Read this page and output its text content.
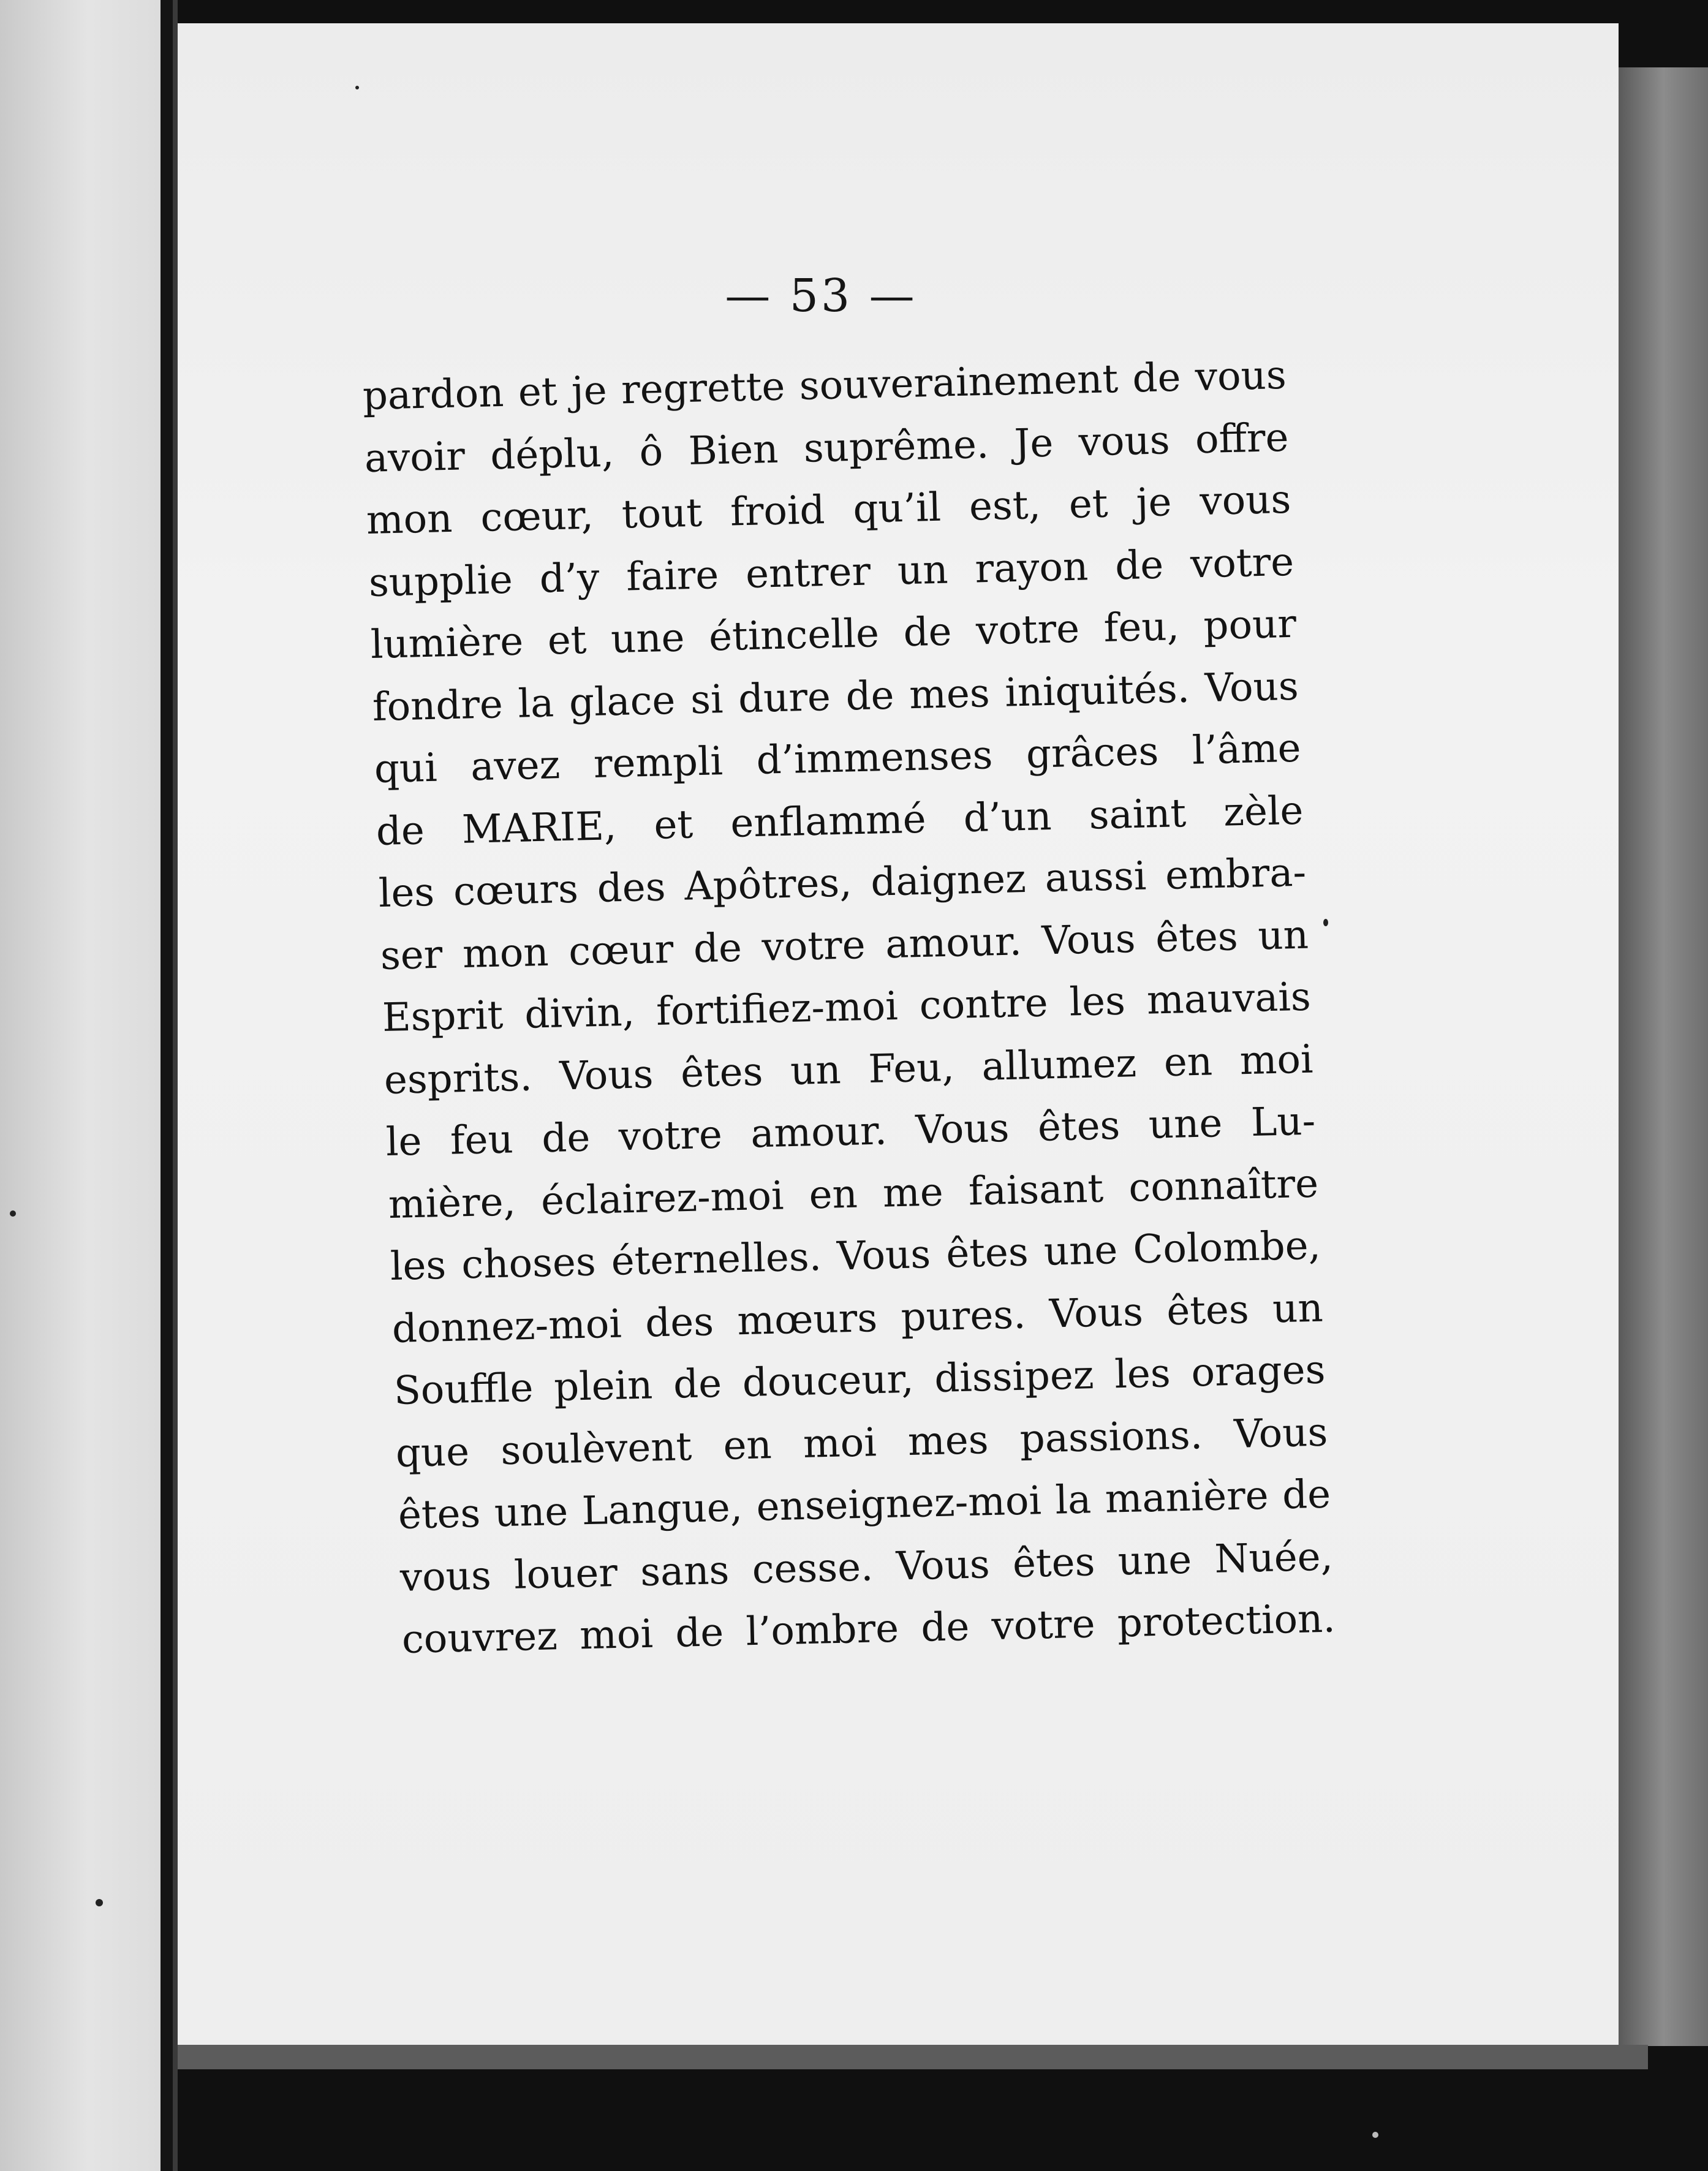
— 53 —
pardon et je regrette souverainement de vous
avoir déplu, ô Bien suprême. Je vous offre
mon cœur, tout froid qu’il est, et je vous
supplie d’y faire entrer un rayon de votre
lumière et une étincelle de votre feu, pour
fondre la glace si dure de mes iniquités. Vous
qui avez rempli d’immenses grâces l’âme
de MARIE, et enflammé d’un saint zèle
les cœurs des Apôtres, daignez aussi embra-
ser mon cœur de votre amour. Vous êtes un
Esprit divin, fortifiez-moi contre les mauvais
esprits. Vous êtes un Feu, allumez en moi
le feu de votre amour. Vous êtes une Lu-
mière, éclairez-moi en me faisant connaître
les choses éternelles. Vous êtes une Colombe,
donnez-moi des mœurs pures. Vous êtes un
Souffle plein de douceur, dissipez les orages
que soulèvent en moi mes passions. Vous
êtes une Langue, enseignez-moi la manière de
vous louer sans cesse. Vous êtes une Nuée,
couvrez moi de l’ombre de votre protection.
